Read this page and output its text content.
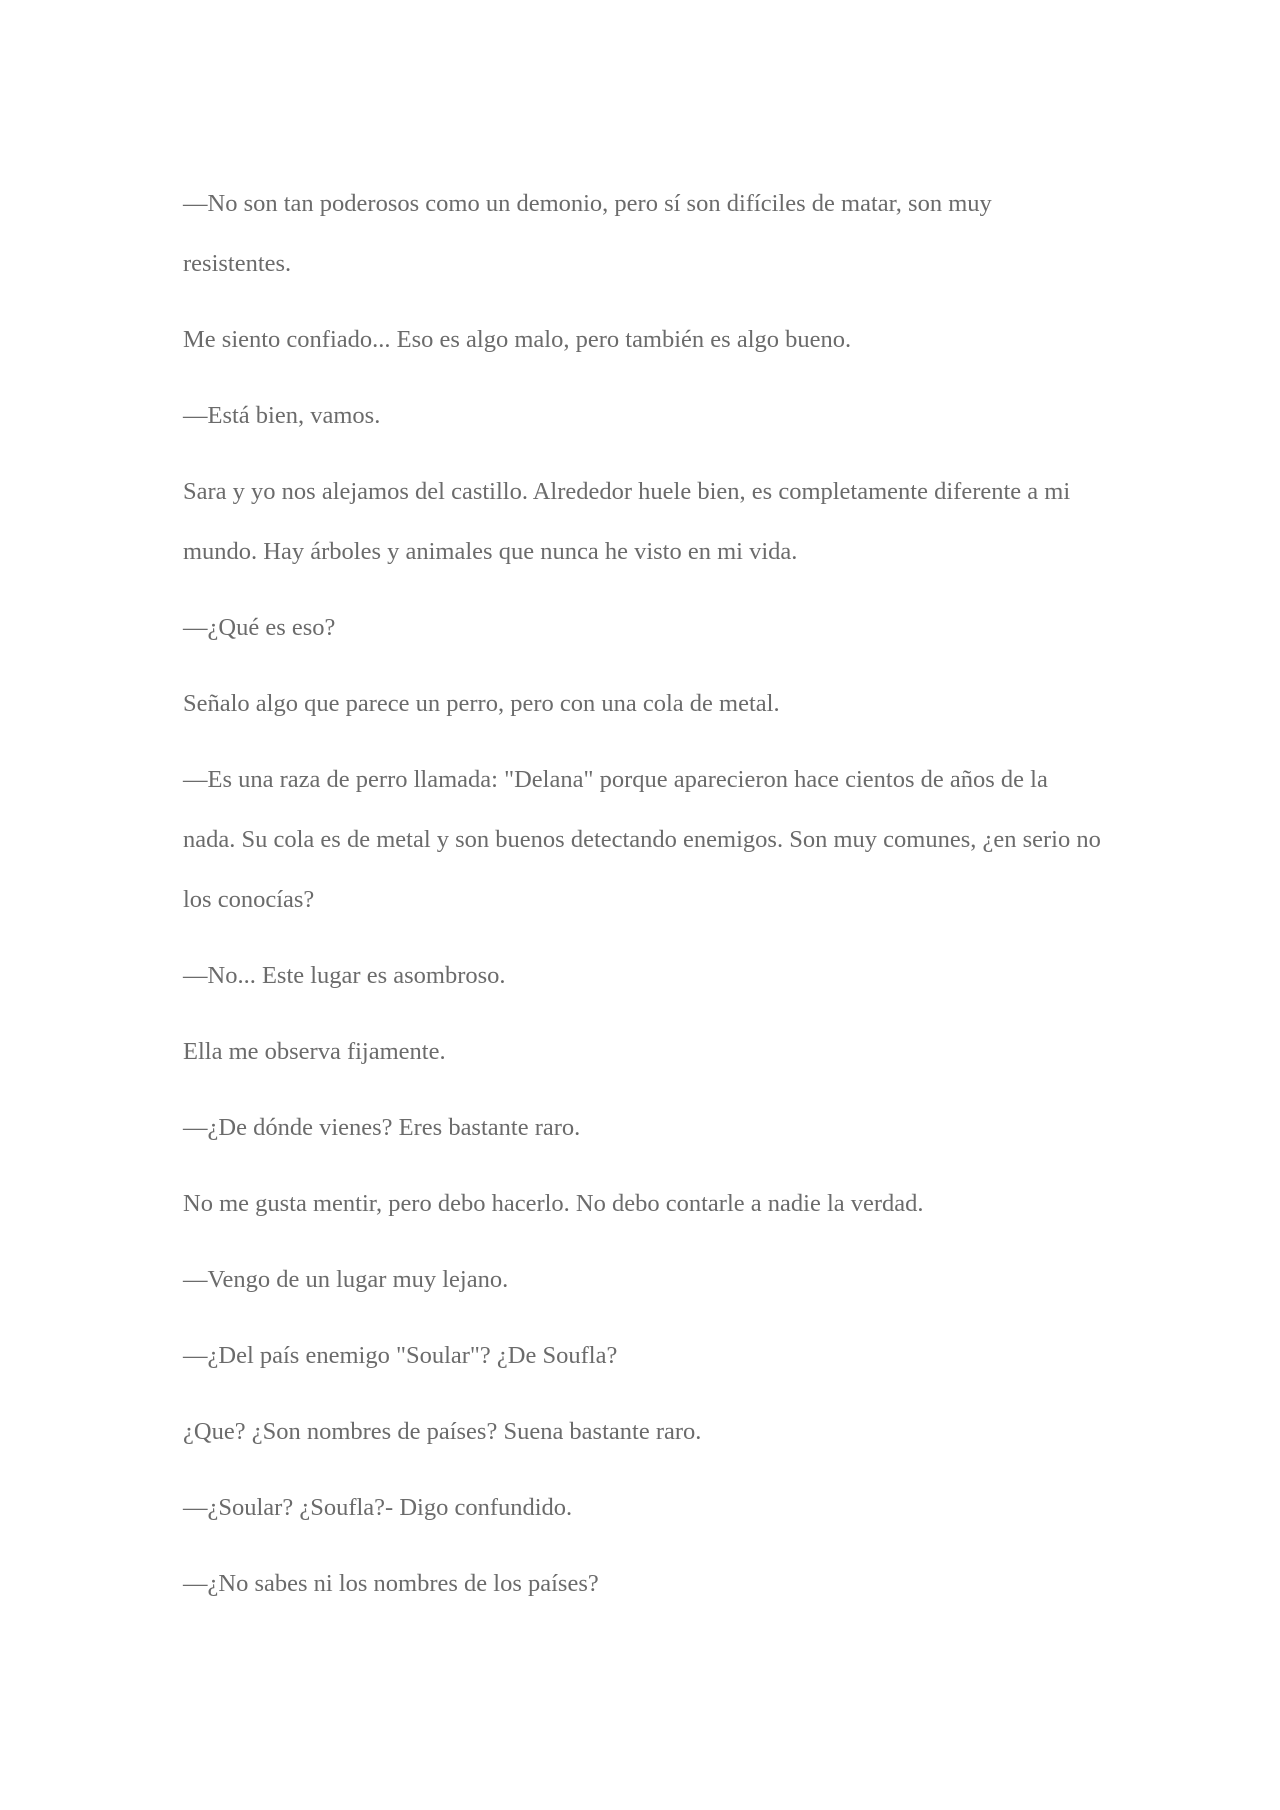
—No son tan poderosos como un demonio, pero sí son difíciles de matar, son muy resistentes.

Me siento confiado... Eso es algo malo, pero también es algo bueno.

—Está bien, vamos.

Sara y yo nos alejamos del castillo. Alrededor huele bien, es completamente diferente a mi mundo. Hay árboles y animales que nunca he visto en mi vida.

—¿Qué es eso?

Señalo algo que parece un perro, pero con una cola de metal.

—Es una raza de perro llamada: "Delana" porque aparecieron hace cientos de años de la nada. Su cola es de metal y son buenos detectando enemigos. Son muy comunes, ¿en serio no los conocías?

—No... Este lugar es asombroso.

Ella me observa fijamente.

—¿De dónde vienes? Eres bastante raro.

No me gusta mentir, pero debo hacerlo. No debo contarle a nadie la verdad.

—Vengo de un lugar muy lejano.

—¿Del país enemigo "Soular"? ¿De Soufla?

¿Que? ¿Son nombres de países? Suena bastante raro.

—¿Soular? ¿Soufla?- Digo confundido.

—¿No sabes ni los nombres de los países?
